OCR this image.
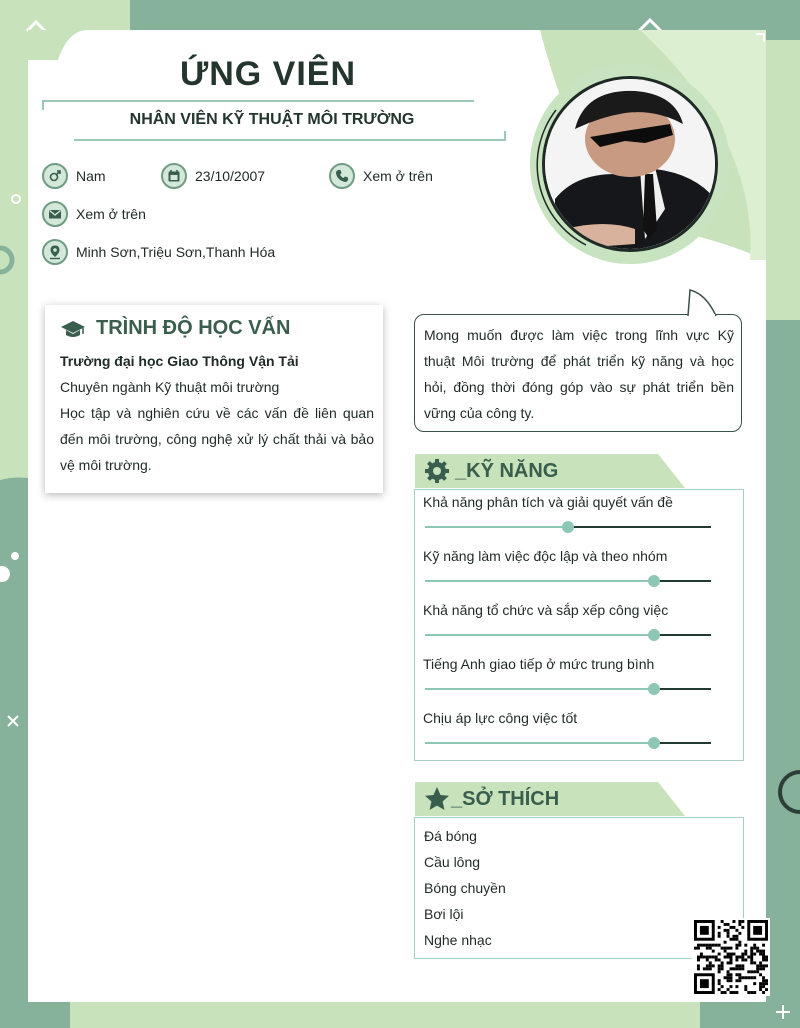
ỨNG VIÊN
NHÂN VIÊN KỸ THUẬT MÔI TRƯỜNG
Nam	23/10/2007	Xem ở trên
Xem ở trên
Minh Sơn,Triệu Sơn,Thanh Hóa
TRÌNH ĐỘ HỌC VẤN
Trường đại học Giao Thông Vận Tải
Chuyên ngành Kỹ thuật môi trường
Học tập và nghiên cứu về các vấn đề liên quan đến môi trường, công nghệ xử lý chất thải và bảo vệ môi trường.
Mong muốn được làm việc trong lĩnh vực Kỹ thuật Môi trường để phát triển kỹ năng và học hỏi, đồng thời đóng góp vào sự phát triển bền vững của công ty.
_KỸ NĂNG
Khả năng phân tích và giải quyết vấn đề
Kỹ năng làm việc độc lập và theo nhóm
Khả năng tổ chức và sắp xếp công việc
Tiếng Anh giao tiếp ở mức trung bình
Chịu áp lực công việc tốt
_SỞ THÍCH
Đá bóng
Cầu lông
Bóng chuyền
Bơi lội
Nghe nhạc
